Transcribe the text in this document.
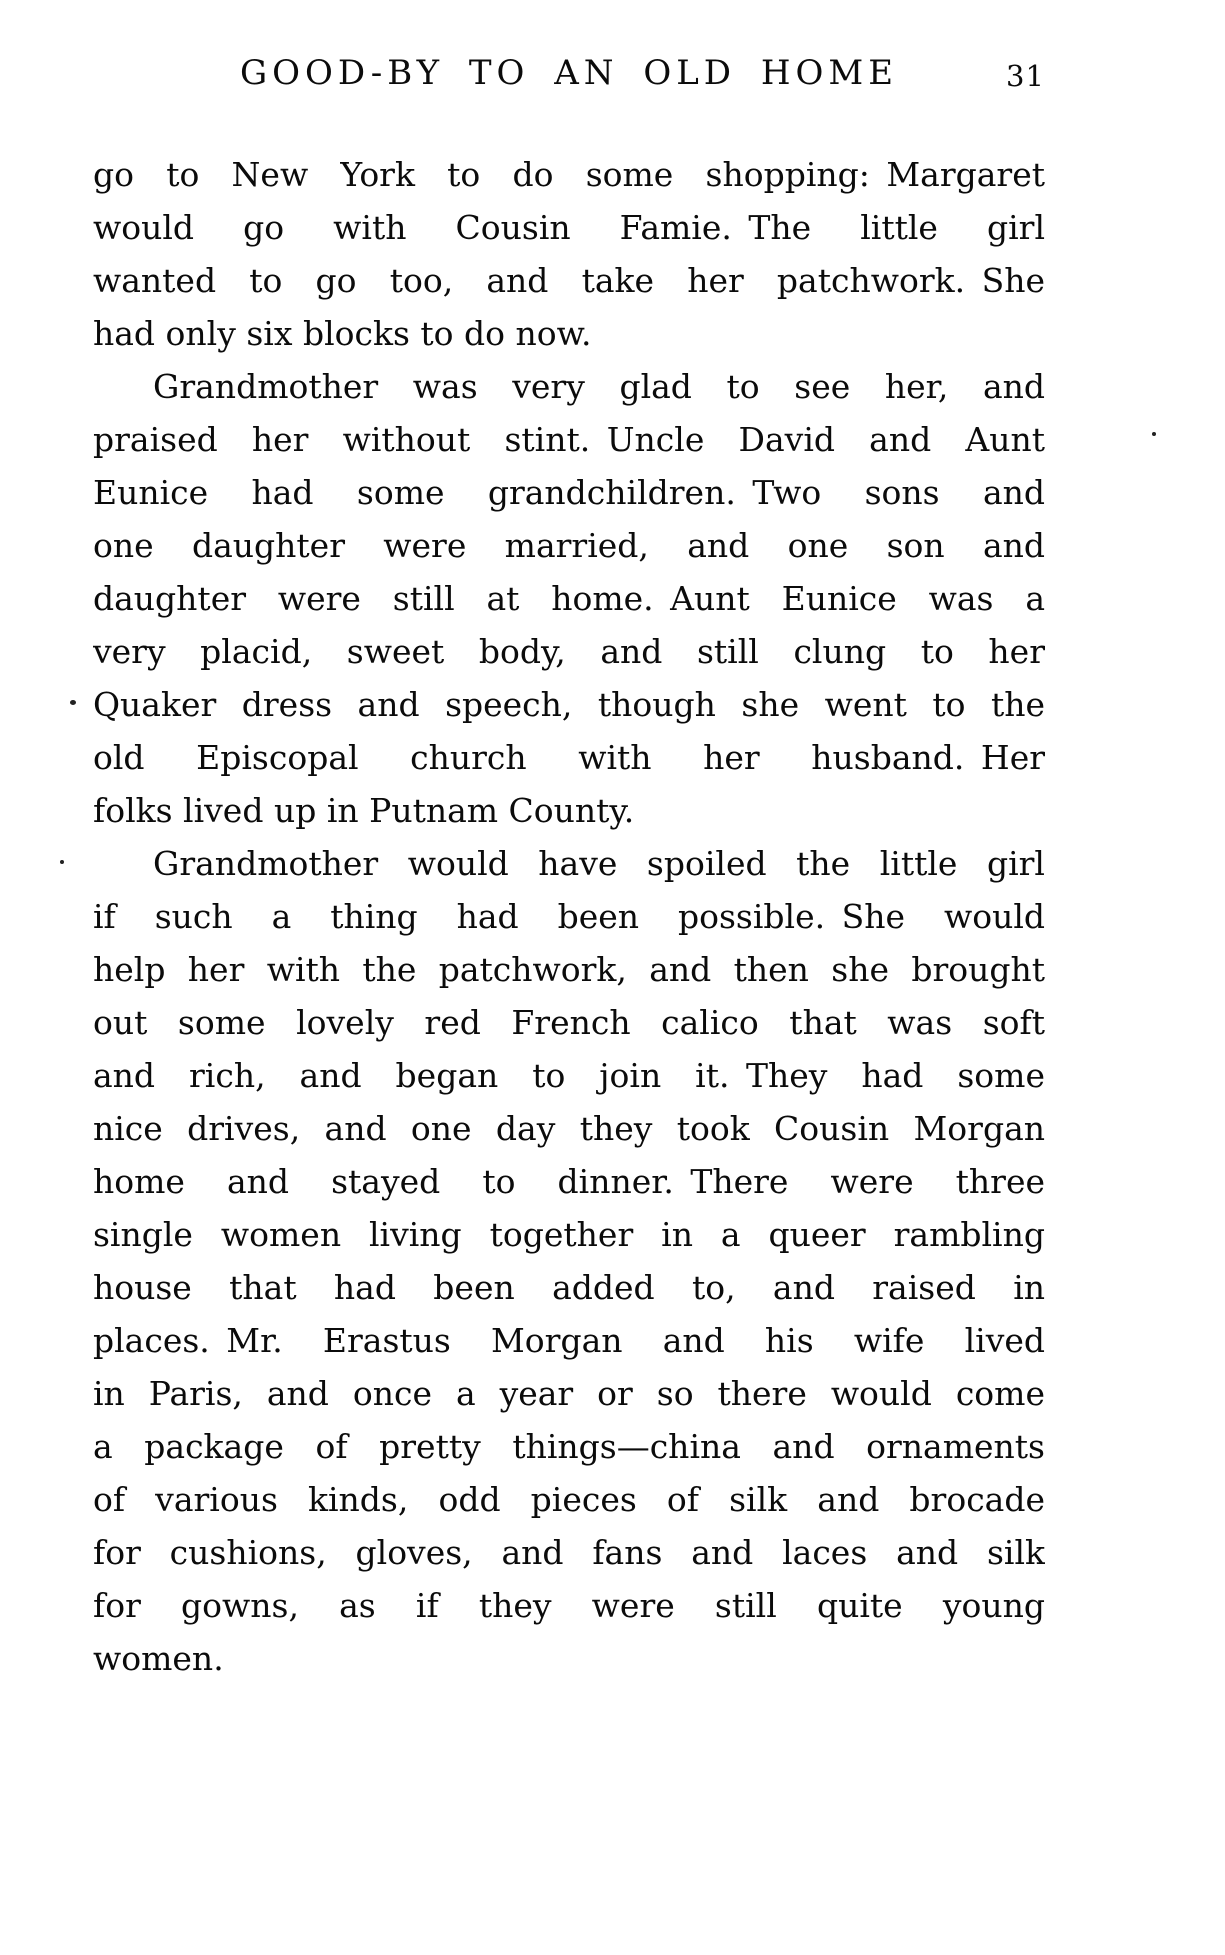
GOOD-BY TO AN OLD HOME	31
go to New York to do some shopping: Margaret
would go with Cousin Famie. The little girl
wanted to go too, and take her patchwork. She
had only six blocks to do now.
Grandmother was very glad to see her, and
praised her without stint. Uncle David and Aunt
Eunice had some grandchildren. Two sons and
one daughter were married, and one son and
daughter were still at home. Aunt Eunice was a
very placid, sweet body, and still clung to her
Quaker dress and speech, though she went to the
old Episcopal church with her husband. Her
folks lived up in Putnam County.
Grandmother would have spoiled the little girl
if such a thing had been possible. She would
help her with the patchwork, and then she brought
out some lovely red French calico that was soft
and rich, and began to join it. They had some
nice drives, and one day they took Cousin Morgan
home and stayed to dinner. There were three
single women living together in a queer rambling
house that had been added to, and raised in
places. Mr. Erastus Morgan and his wife lived
in Paris, and once a year or so there would come
a package of pretty things—china and ornaments
of various kinds, odd pieces of silk and brocade
for cushions, gloves, and fans and laces and silk
for gowns, as if they were still quite young
women.
